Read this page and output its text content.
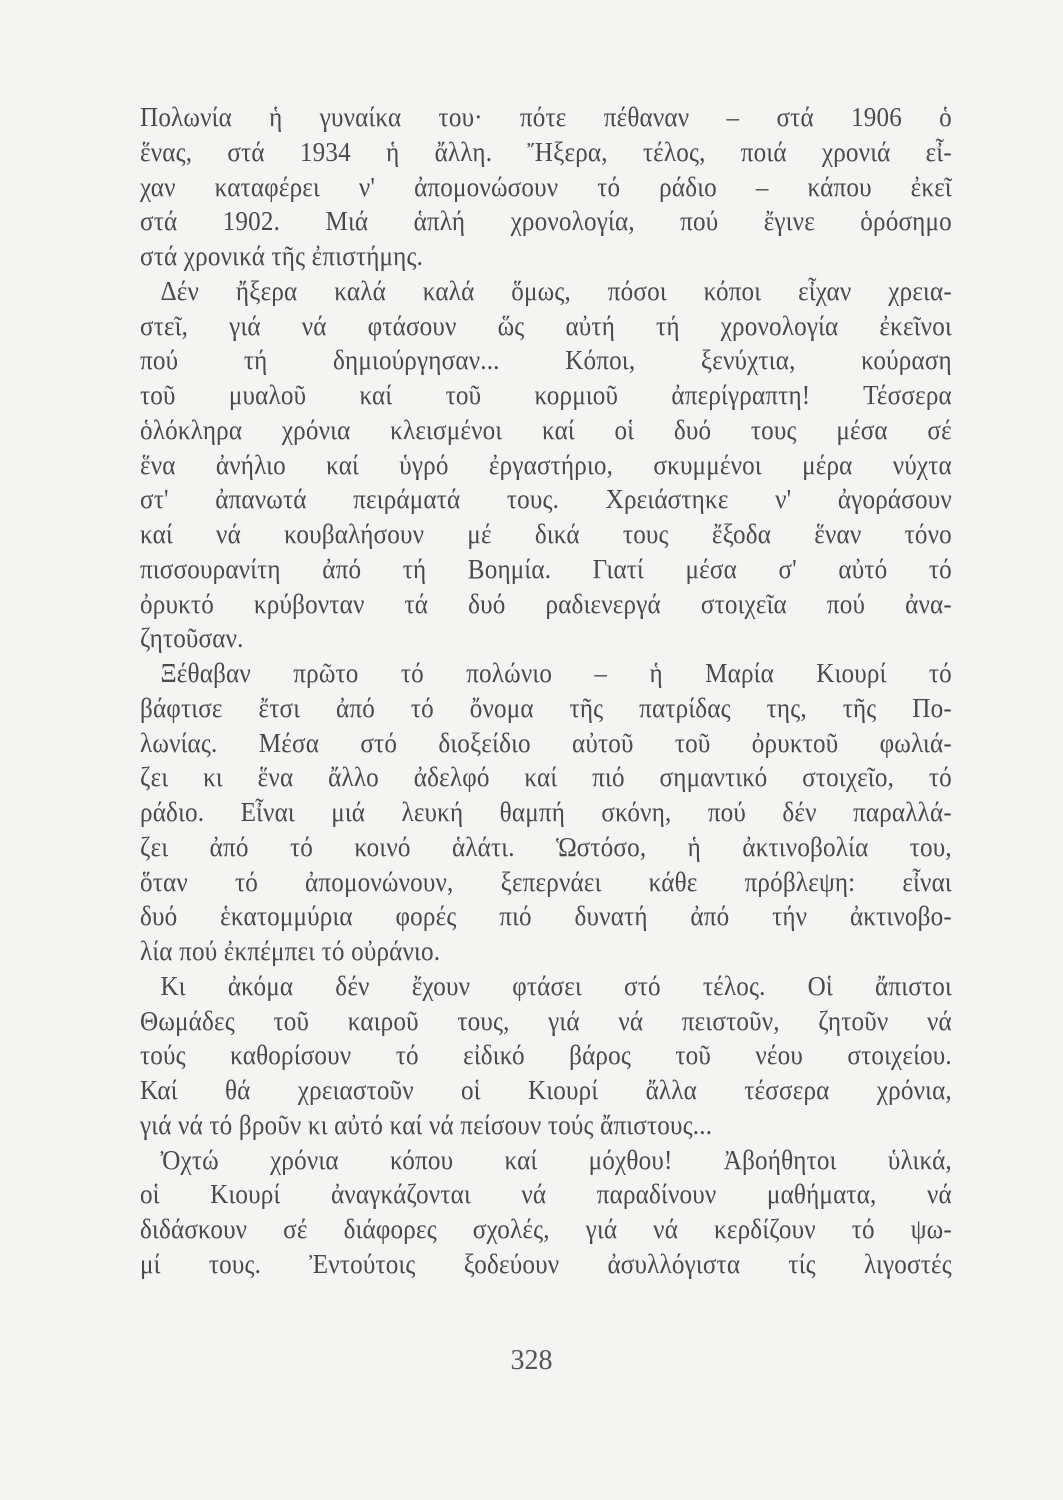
Πολωνία ἡ γυναίκα του· πότε πέθαναν – στά 1906 ὁ
ἕνας, στά 1934 ἡ ἄλλη. Ἤξερα, τέλος, ποιά χρονιά εἶ-
χαν καταφέρει ν' ἀπομονώσουν τό ράδιο – κάπου ἐκεῖ
στά 1902. Μιά ἁπλή χρονολογία, πού ἔγινε ὁρόσημο
στά χρονικά τῆς ἐπιστήμης.
Δέν ἤξερα καλά καλά ὅμως, πόσοι κόποι εἶχαν χρεια-
στεῖ, γιά νά φτάσουν ὥς αὐτή τή χρονολογία ἐκεῖνοι
πού τή δημιούργησαν... Κόποι, ξενύχτια, κούραση
τοῦ μυαλοῦ καί τοῦ κορμιοῦ ἀπερίγραπτη! Τέσσερα
ὁλόκληρα χρόνια κλεισμένοι καί οἱ δυό τους μέσα σέ
ἕνα ἀνήλιο καί ὑγρό ἐργαστήριο, σκυμμένοι μέρα νύχτα
στ' ἀπανωτά πειράματά τους. Χρειάστηκε ν' ἀγοράσουν
καί νά κουβαλήσουν μέ δικά τους ἔξοδα ἕναν τόνο
πισσουρανίτη ἀπό τή Βοημία. Γιατί μέσα σ' αὐτό τό
ὀρυκτό κρύβονταν τά δυό ραδιενεργά στοιχεῖα πού ἀνα-
ζητοῦσαν.
Ξέθαβαν πρῶτο τό πολώνιο – ἡ Μαρία Κιουρί τό
βάφτισε ἔτσι ἀπό τό ὄνομα τῆς πατρίδας της, τῆς Πο-
λωνίας. Μέσα στό διοξείδιο αὐτοῦ τοῦ ὀρυκτοῦ φωλιά-
ζει κι ἕνα ἄλλο ἀδελφό καί πιό σημαντικό στοιχεῖο, τό
ράδιο. Εἶναι μιά λευκή θαμπή σκόνη, πού δέν παραλλά-
ζει ἀπό τό κοινό ἁλάτι. Ὡστόσο, ἡ ἀκτινοβολία του,
ὅταν τό ἀπομονώνουν, ξεπερνάει κάθε πρόβλεψη: εἶναι
δυό ἑκατομμύρια φορές πιό δυνατή ἀπό τήν ἀκτινοβο-
λία πού ἐκπέμπει τό οὐράνιο.
Κι ἀκόμα δέν ἔχουν φτάσει στό τέλος. Οἱ ἄπιστοι
Θωμάδες τοῦ καιροῦ τους, γιά νά πειστοῦν, ζητοῦν νά
τούς καθορίσουν τό εἰδικό βάρος τοῦ νέου στοιχείου.
Καί θά χρειαστοῦν οἱ Κιουρί ἄλλα τέσσερα χρόνια,
γιά νά τό βροῦν κι αὐτό καί νά πείσουν τούς ἄπιστους...
Ὀχτώ χρόνια κόπου καί μόχθου! Ἀβοήθητοι ὑλικά,
οἱ Κιουρί ἀναγκάζονται νά παραδίνουν μαθήματα, νά
διδάσκουν σέ διάφορες σχολές, γιά νά κερδίζουν τό ψω-
μί τους. Ἐντούτοις ξοδεύουν ἀσυλλόγιστα τίς λιγοστές
328
